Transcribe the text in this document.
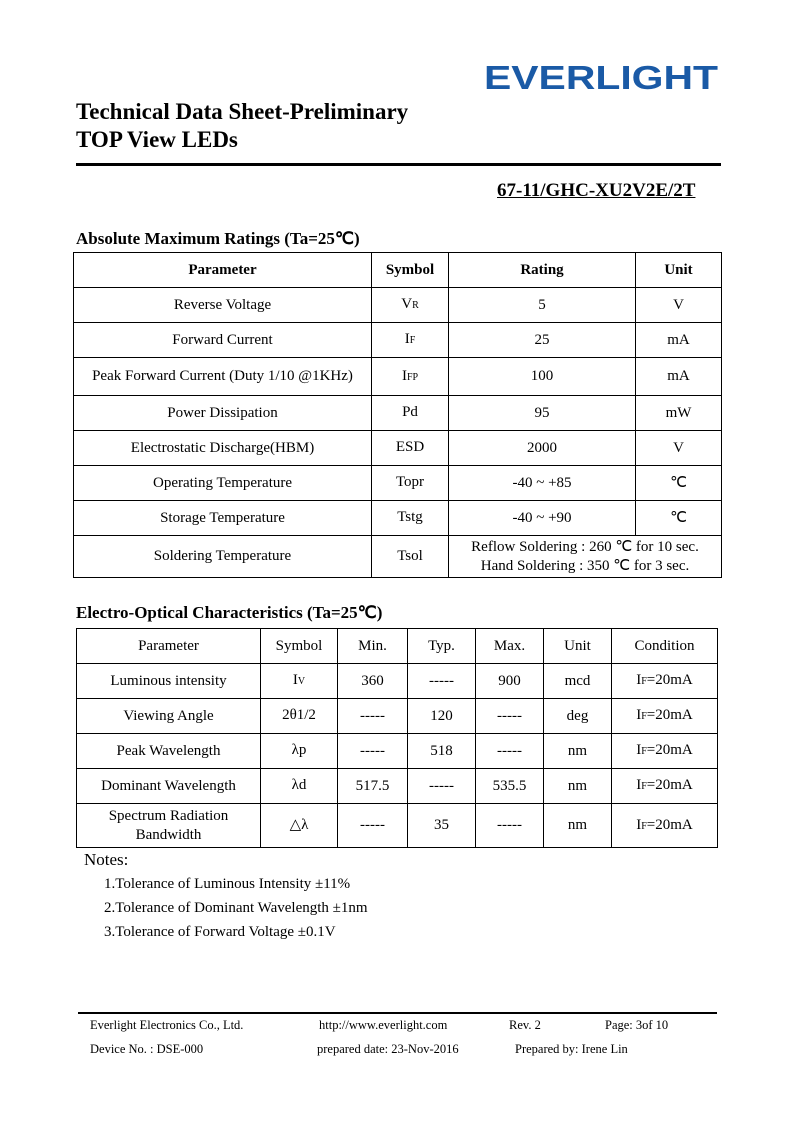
EVERLIGHT
Technical Data Sheet-Preliminary
TOP View LEDs
67-11/GHC-XU2V2E/2T
Absolute Maximum Ratings (Ta=25℃)
Parameter	Symbol	Rating	Unit
Reverse Voltage	VR	5	V
Forward Current	IF	25	mA
Peak Forward Current (Duty 1/10 @1KHz)	IFP	100	mA
Power Dissipation	Pd	95	mW
Electrostatic Discharge(HBM)	ESD	2000	V
Operating Temperature	Topr	-40 ~ +85	℃
Storage Temperature	Tstg	-40 ~ +90	℃
Soldering Temperature	Tsol	Reflow Soldering : 260 ℃ for 10 sec.
Hand Soldering : 350 ℃ for 3 sec.	
Electro-Optical Characteristics (Ta=25℃)
Parameter	Symbol	Min.	Typ.	Max.	Unit	Condition
Luminous intensity	IV	360	-----	900	mcd	IF=20mA
Viewing Angle	2θ1/2	-----	120	-----	deg	IF=20mA
Peak Wavelength	λp	-----	518	-----	nm	IF=20mA
Dominant Wavelength	λd	517.5	-----	535.5	nm	IF=20mA
Spectrum Radiation Bandwidth	△λ	-----	35	-----	nm	IF=20mA
Notes:
1.Tolerance of Luminous Intensity ±11%
2.Tolerance of Dominant Wavelength ±1nm
3.Tolerance of Forward Voltage ±0.1V
Everlight Electronics Co., Ltd.	http://www.everlight.com	Rev. 2	Page: 3of 10
Device No. : DSE-000	prepared date: 23-Nov-2016	Prepared by: Irene Lin
